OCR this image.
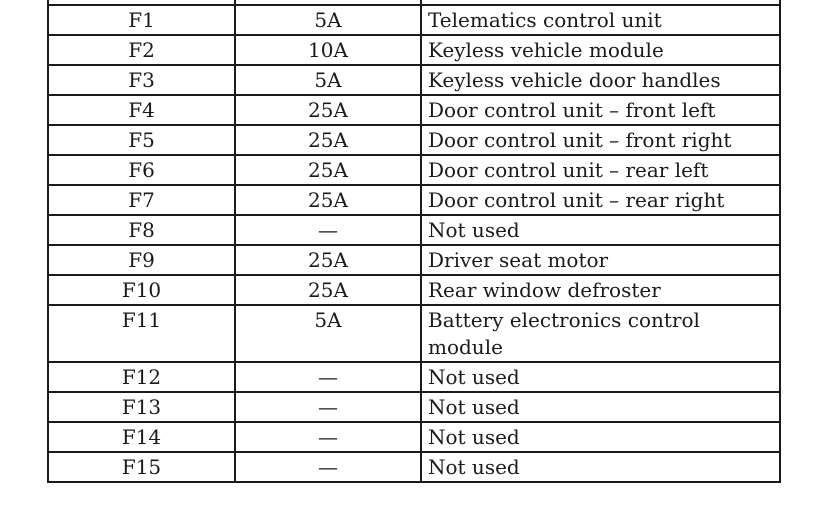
F1	5A	Telematics control unit
F2	10A	Keyless vehicle module
F3	5A	Keyless vehicle door handles
F4	25A	Door control unit – front left
F5	25A	Door control unit – front right
F6	25A	Door control unit – rear left
F7	25A	Door control unit – rear right
F8	—	Not used
F9	25A	Driver seat motor
F10	25A	Rear window defroster
F11	5A	Battery electronics control module
F12	—	Not used
F13	—	Not used
F14	—	Not used
F15	—	Not used
